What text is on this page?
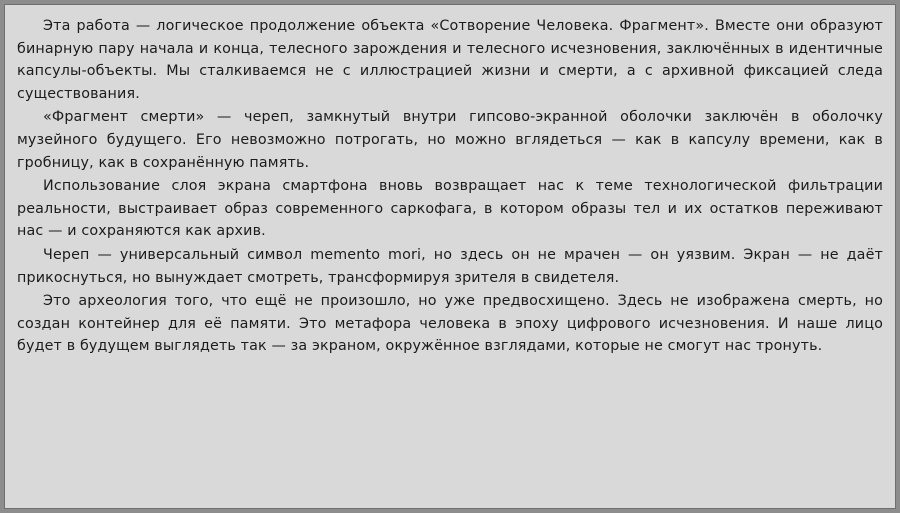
Эта работа — логическое продолжение объекта «Сотворение Человека. Фрагмент». Вместе они образуют бинарную пару начала и конца, телесного зарождения и телесного исчезновения, заключённых в идентичные капсулы-объекты. Мы сталкиваемся не с иллюстрацией жизни и смерти, а с архивной фиксацией следа существования.

«Фрагмент смерти» — череп, замкнутый внутри гипсово-экранной оболочки заключён в оболочку музейного будущего. Его невозможно потрогать, но можно вглядеться — как в капсулу времени, как в гробницу, как в сохранённую память.

Использование слоя экрана смартфона вновь возвращает нас к теме технологической фильтрации реальности, выстраивает образ современного саркофага, в котором образы тел и их остатков переживают нас — и сохраняются как архив.

Череп — универсальный символ memento mori, но здесь он не мрачен — он уязвим. Экран — не даёт прикоснуться, но вынуждает смотреть, трансформируя зрителя в свидетеля.

Это археология того, что ещё не произошло, но уже предвосхищено. Здесь не изображена смерть, но создан контейнер для её памяти. Это метафора человека в эпоху цифрового исчезновения. И наше лицо будет в будущем выглядеть так — за экраном, окружённое взглядами, которые не смогут нас тронуть.
